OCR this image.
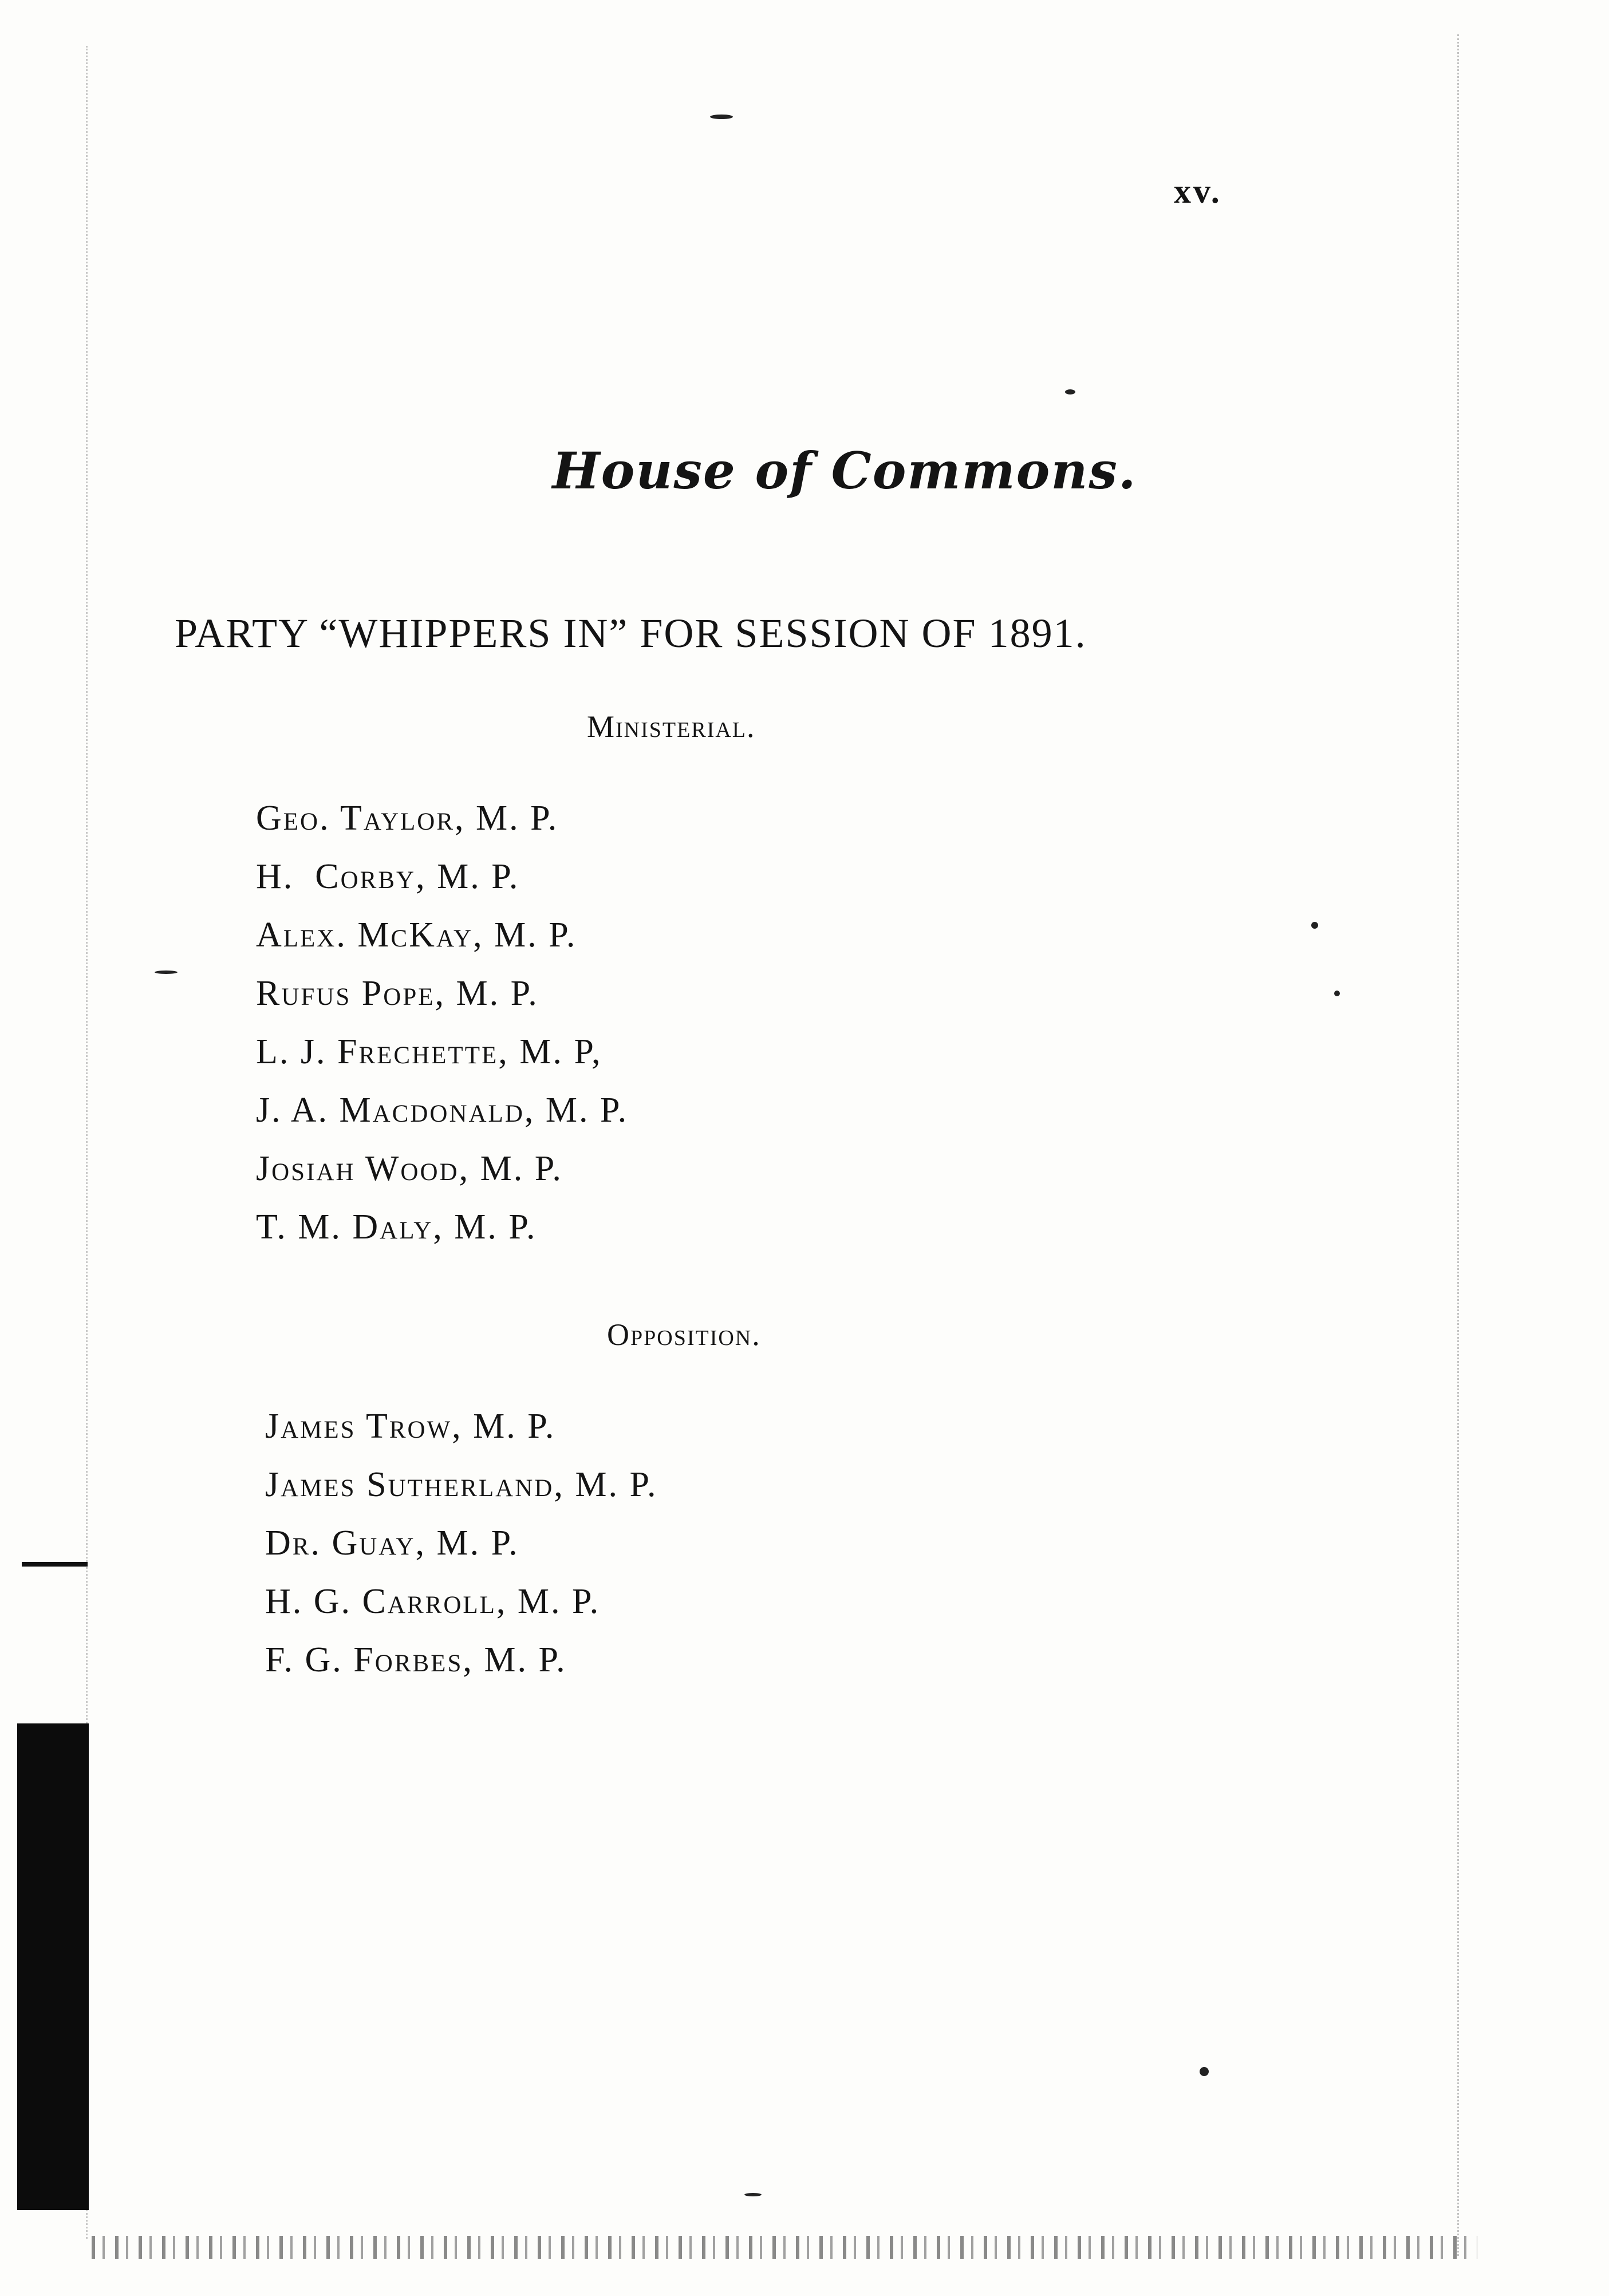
xv.
House of Commons.
PARTY “WHIPPERS IN” FOR SESSION OF 1891.
Ministerial.
Geo. Taylor, M. P.
H.  Corby, M. P.
Alex. McKay, M. P.
Rufus Pope, M. P.
L. J. Frechette, M. P,
J. A. Macdonald, M. P.
Josiah Wood, M. P.
T. M. Daly, M. P.
Opposition.
James Trow, M. P.
James Sutherland, M. P.
Dr. Guay, M. P.
H. G. Carroll, M. P.
F. G. Forbes, M. P.
